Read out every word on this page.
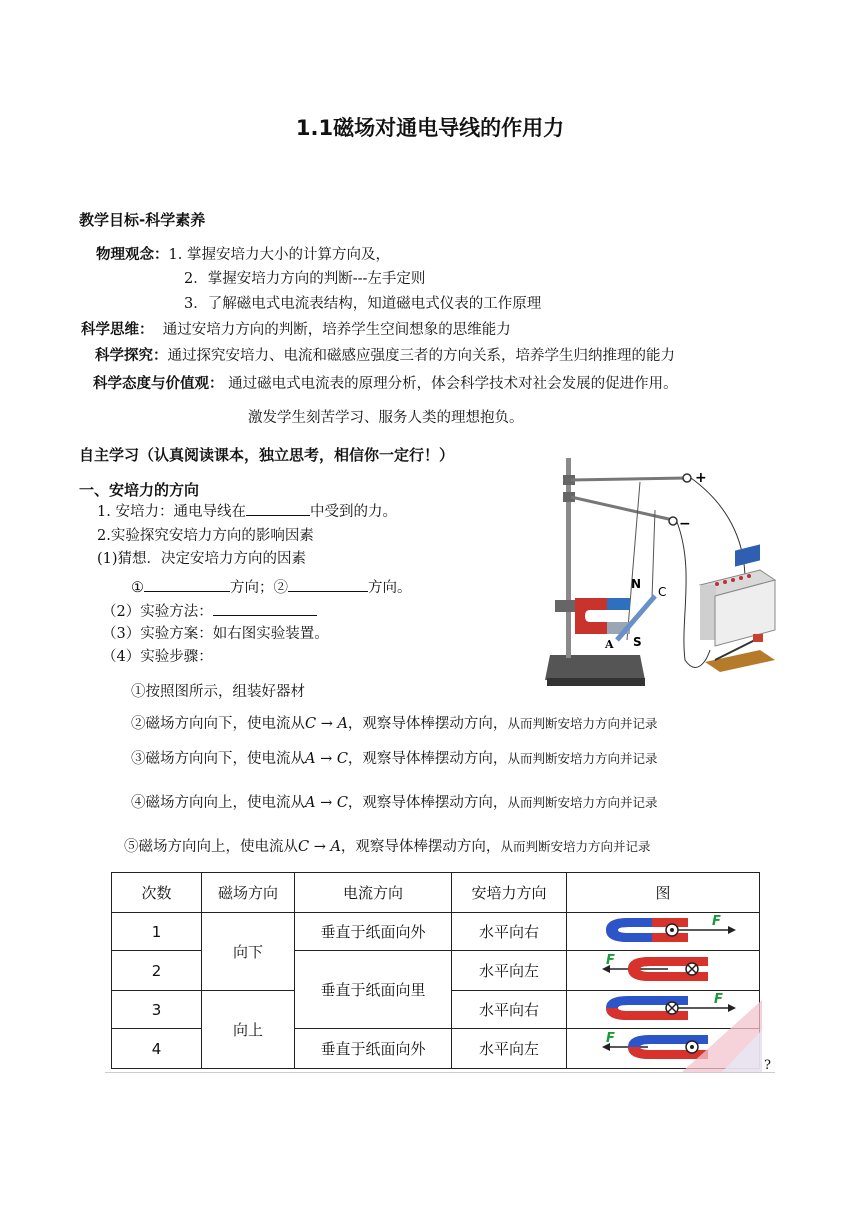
1.1磁场对通电导线的作用力
教学目标-科学素养
物理观念：1. 掌握安培力大小的计算方向及，
2．掌握安培力方向的判断---左手定则
3．了解磁电式电流表结构，知道磁电式仪表的工作原理
科学思维： 通过安培力方向的判断，培养学生空间想象的思维能力
科学探究：通过探究安培力、电流和磁感应强度三者的方向关系，培养学生归纳推理的能力
科学态度与价值观： 通过磁电式电流表的原理分析，体会科学技术对社会发展的促进作用。
激发学生刻苦学习、服务人类的理想抱负。
自主学习（认真阅读课本，独立思考，相信你一定行！）
一、安培力的方向
1. 安培力：通电导线在	中受到的力。
2.实验探究安培力方向的影响因素
(1)猜想．决定安培力方向的因素
①	方向；②	方向。
（2）实验方法：
（3）实验方案：如右图实验装置。
（4）实验步骤：
①按照图所示，组装好器材
②磁场方向向下，使电流从𝐶 → 𝐴，观察导体棒摆动方向，从而判断安培力方向并记录
③磁场方向向下，使电流从𝐴 → 𝐶，观察导体棒摆动方向，从而判断安培力方向并记录
④磁场方向向上，使电流从𝐴 → 𝐶，观察导体棒摆动方向，从而判断安培力方向并记录
⑤磁场方向向上，使电流从𝐶 → 𝐴，观察导体棒摆动方向，从而判断安培力方向并记录
+
−
N
S
A
C
次数	磁场方向	电流方向	安培力方向	图
1	向下	垂直于纸面向外	水平向右	F

2		垂直于纸面向里	水平向左	F

3	向上		水平向右	F

4		垂直于纸面向外	水平向左	F
?
